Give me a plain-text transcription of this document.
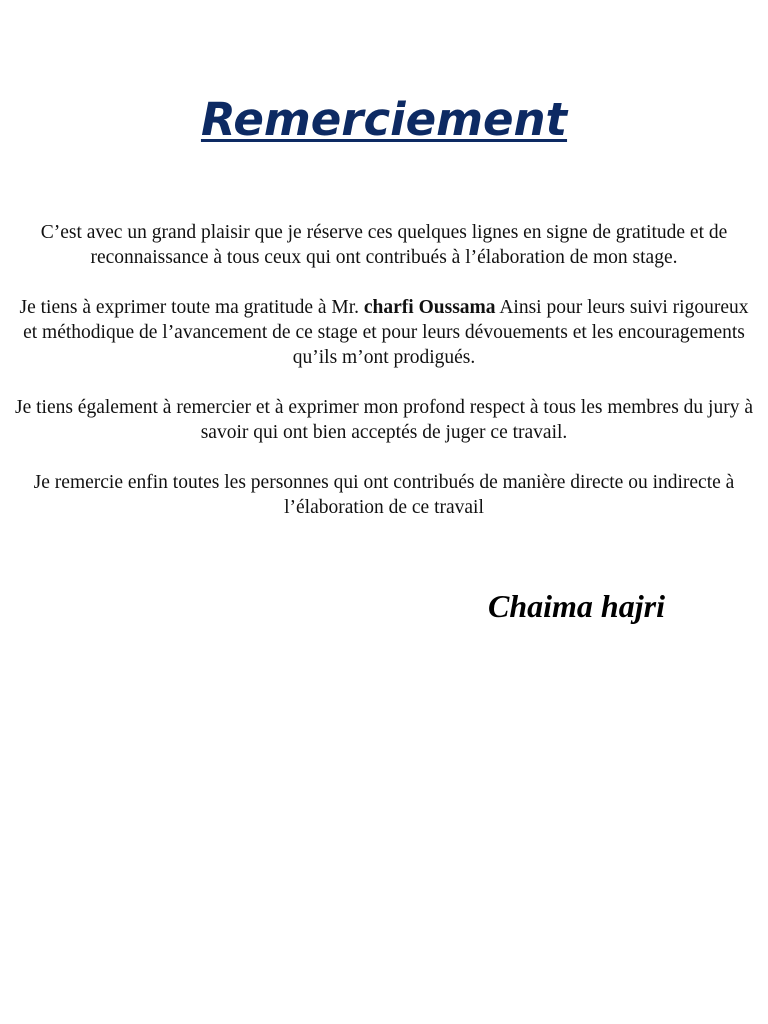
Remerciement

C’est avec un grand plaisir que je réserve ces quelques lignes en signe de gratitude et de reconnaissance à tous ceux qui ont contribués à l’élaboration de mon stage.

Je tiens à exprimer toute ma gratitude à Mr. charfi Oussama Ainsi pour leurs suivi rigoureux et méthodique de l’avancement de ce stage et pour leurs dévouements et les encouragements qu’ils m’ont prodigués.

Je tiens également à remercier et à exprimer mon profond respect à tous les membres du jury à savoir qui ont bien acceptés de juger ce travail.

Je remercie enfin toutes les personnes qui ont contribués de manière directe ou indirecte à l’élaboration de ce travail

Chaima hajri
